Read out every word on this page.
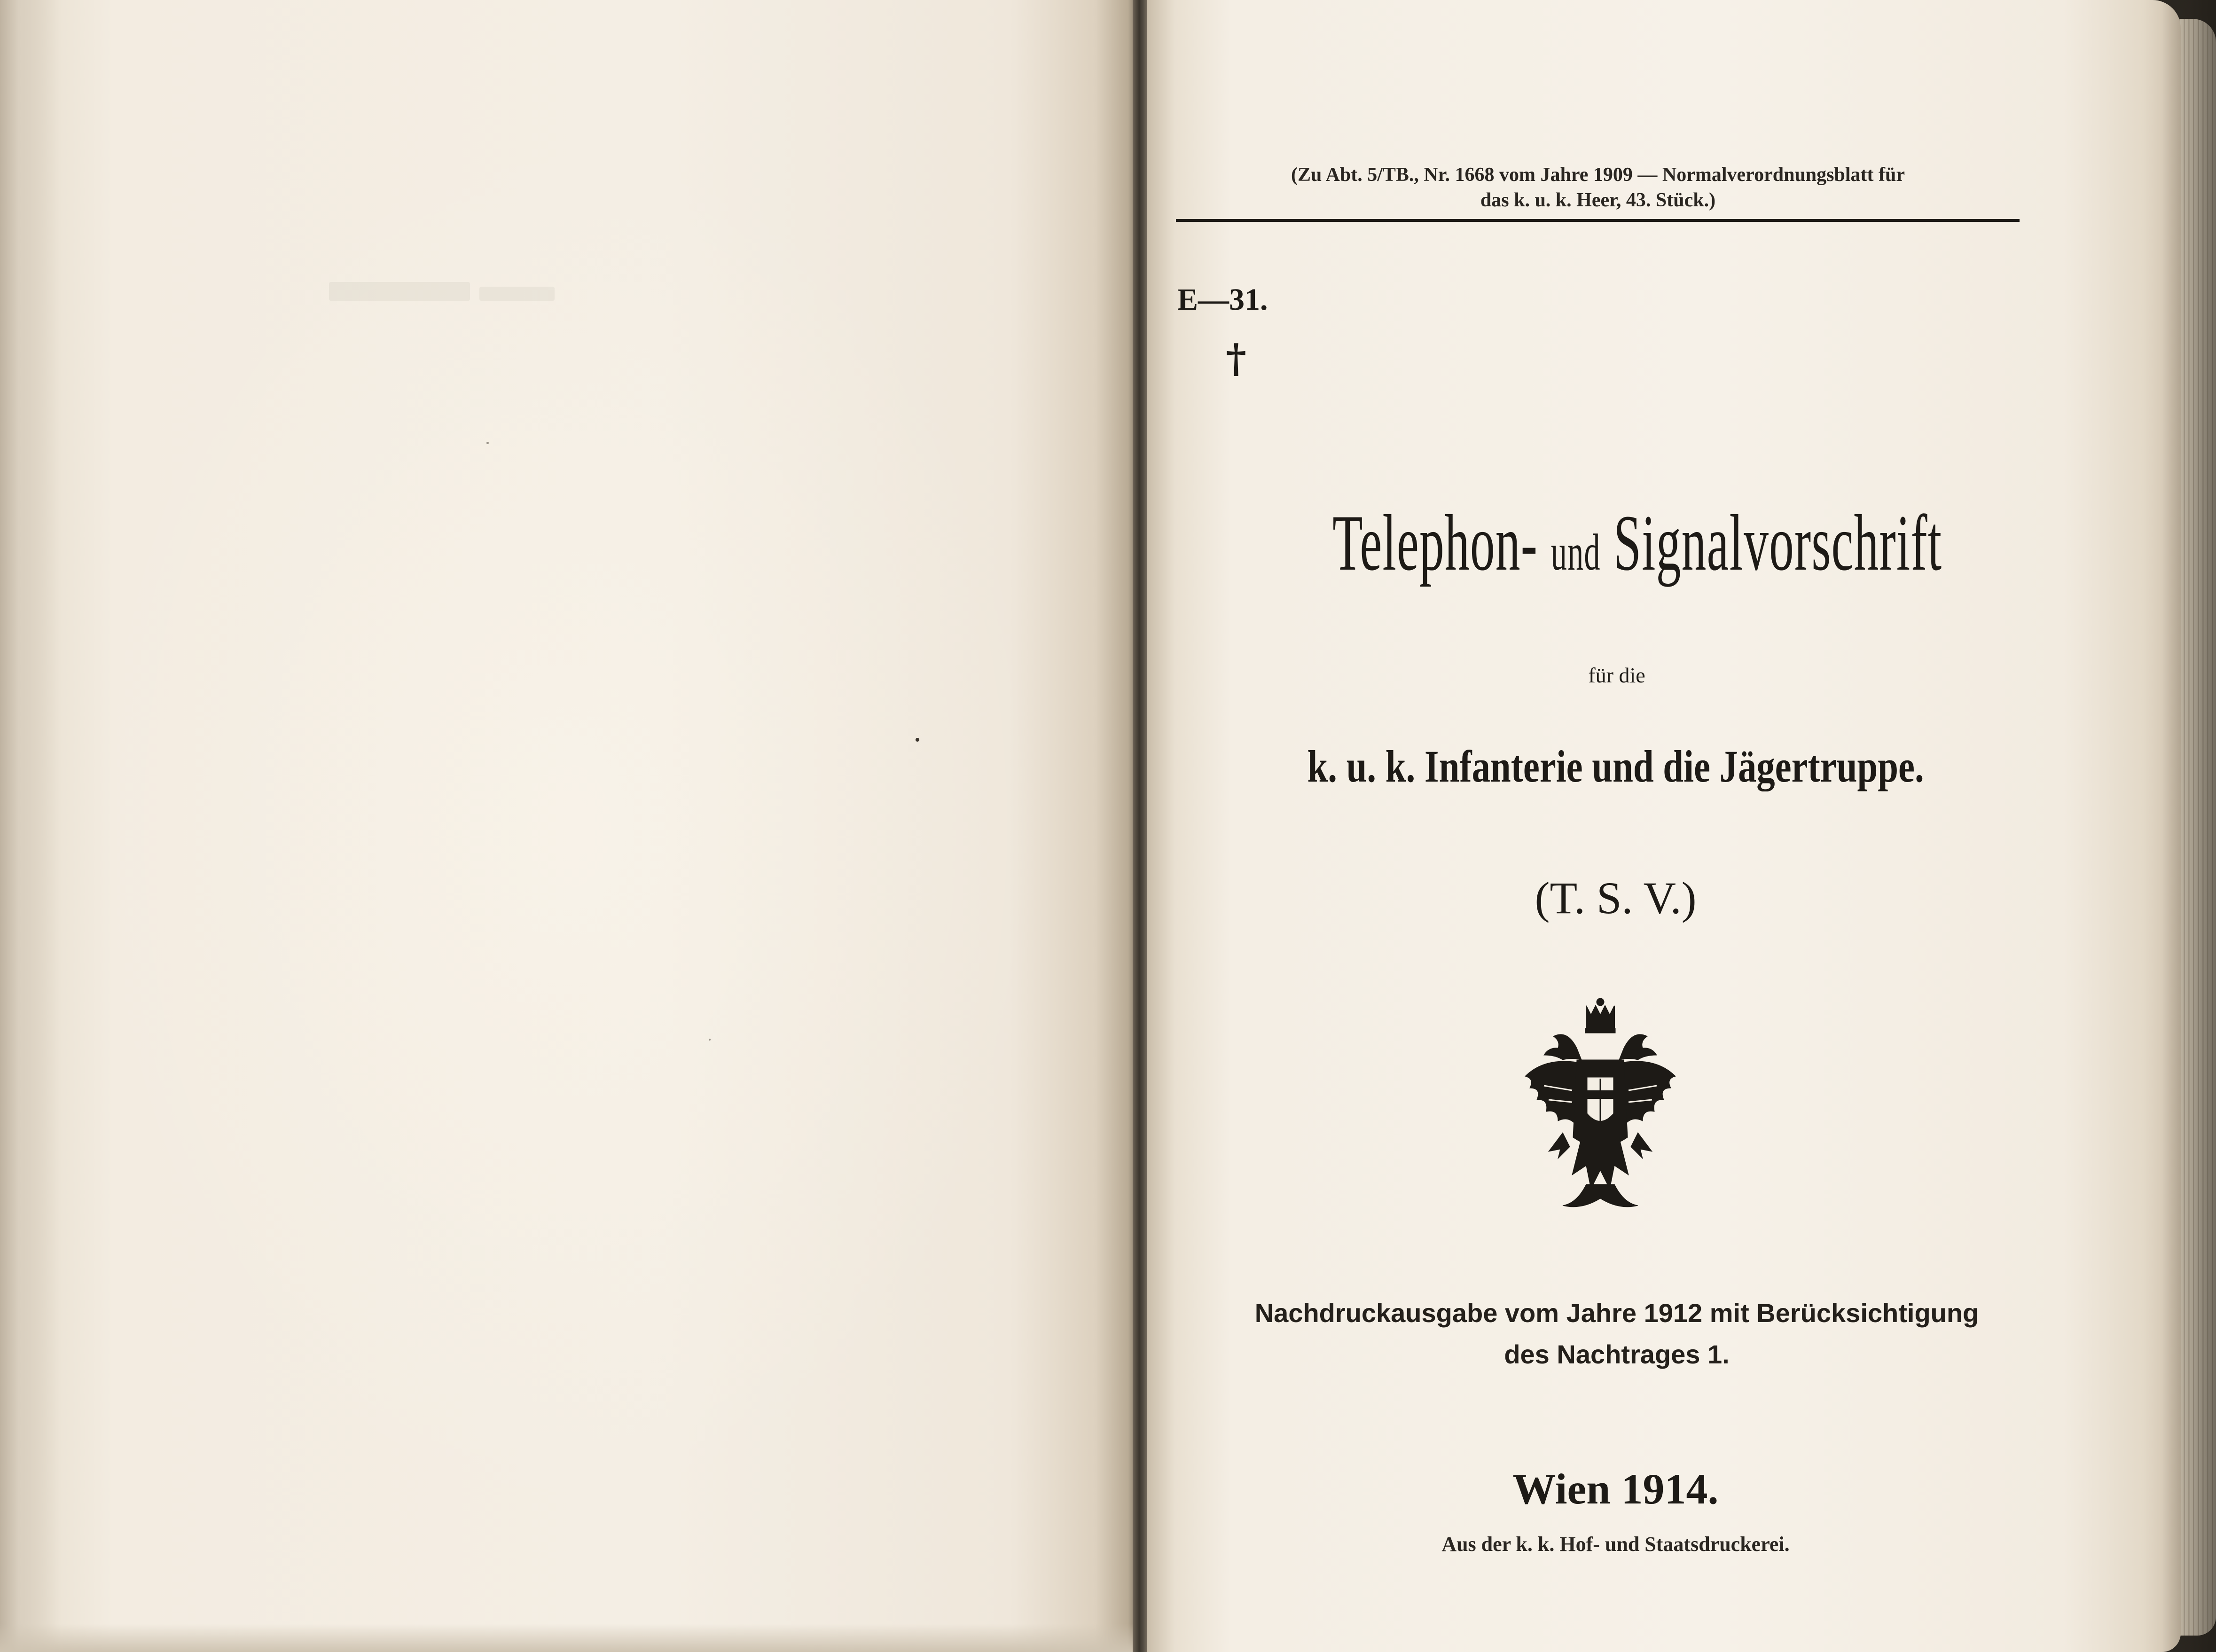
(Zu Abt. 5/TB., Nr. 1668 vom Jahre 1909 — Normalverordnungsblatt für
das k. u. k. Heer, 43. Stück.)
E—31.
†
Telephon- und Signalvorschrift
für die
k. u. k. Infanterie und die Jägertruppe.
(T. S. V.)
Nachdruckausgabe vom Jahre 1912 mit Berücksichtigung
des Nachtrages 1.
Wien 1914.
Aus der k. k. Hof- und Staatsdruckerei.
